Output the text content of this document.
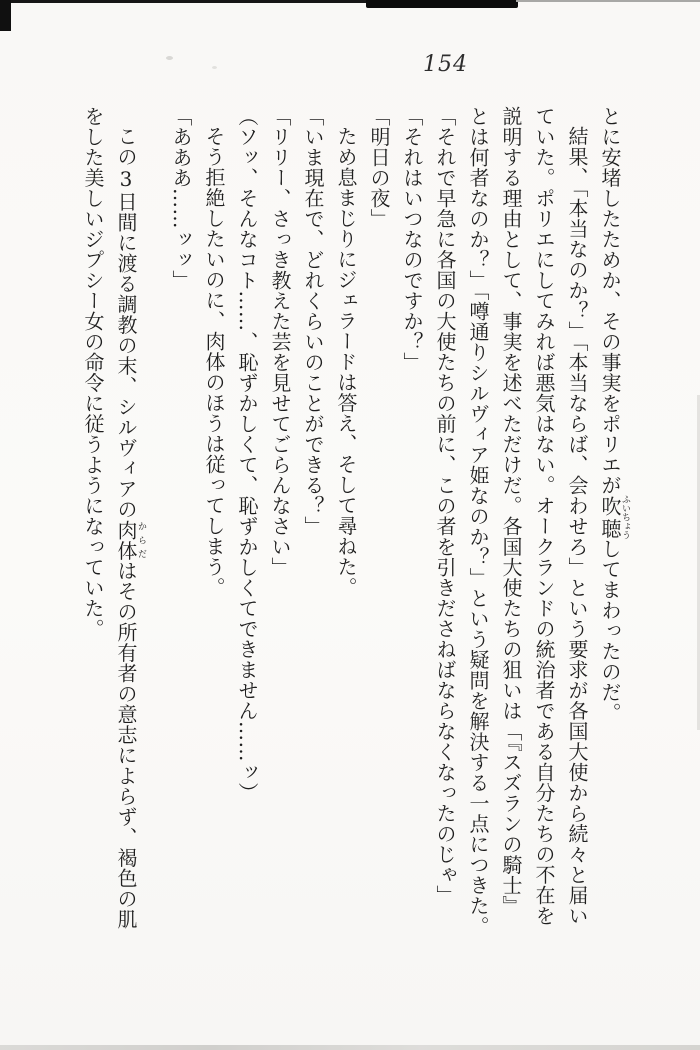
154
とに安堵したためか、その事実をポリエが吹聴ふいちょうしてまわったのだ。
結果、「本当なのか？」「本当ならば、会わせろ」という要求が各国大使から続々と届い
ていた。ポリエにしてみれば悪気はない。オークランドの統治者である自分たちの不在を
説明する理由として、事実を述べただけだ。各国大使たちの狙いは「『スズランの騎士』
とは何者なのか？」「噂通りシルヴィア姫なのか？」という疑問を解決する一点につきた。
「それで早急に各国の大使たちの前に、この者を引きださねばならなくなったのじゃ」
「それはいつなのですか？」
「明日の夜」
ため息まじりにジェラードは答え、そして尋ねた。
「いま現在で、どれくらいのことができる？」
「リリー、さっき教えた芸を見せてごらんなさい」
（ソッ、そんなコト……、恥ずかしくて、恥ずかしくてできません……ッ）
そう拒絶したいのに、肉体のほうは従ってしまう。
「あああ……ッッ」
この3日間に渡る調教の末、シルヴィアの肉体からだはその所有者の意志によらず、褐色の肌
をした美しいジプシー女の命令に従うようになっていた。
